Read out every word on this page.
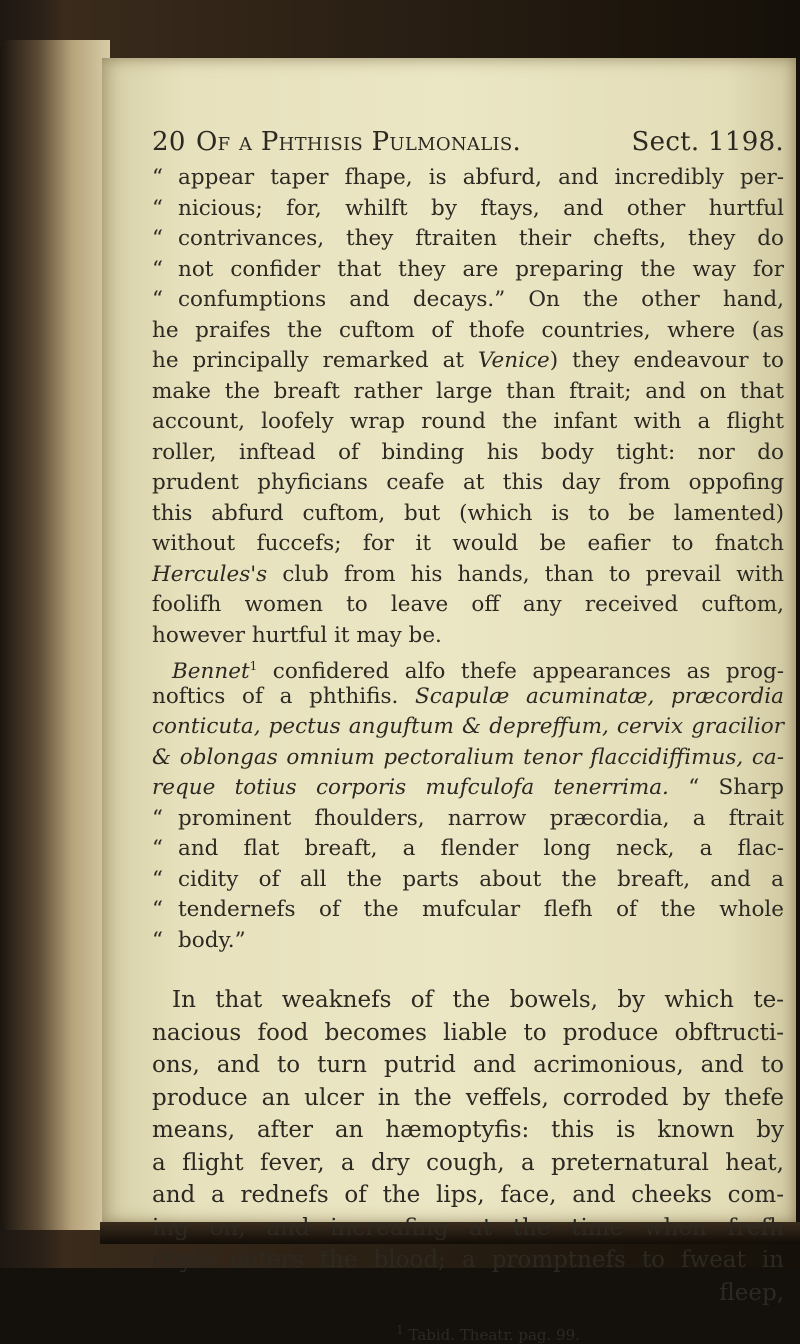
20 Of a Phthisis Pulmonalis.	Sect. 1198.
“ appear taper fhape, is abfurd, and incredibly per-
“ nicious; for, whilft by ftays, and other hurtful
“ contrivances, they ftraiten their chefts, they do
“ not confider that they are preparing the way for
“ confumptions and decays.” On the other hand,
he praifes the cuftom of thofe countries, where (as
he principally remarked at Venice) they endeavour to
make the breaft rather large than ftrait; and on that
account, loofely wrap round the infant with a flight
roller, inftead of binding his body tight: nor do
prudent phyficians ceafe at this day from oppofing
this abfurd cuftom, but (which is to be lamented)
without fuccefs; for it would be eafier to fnatch
Hercules's club from his hands, than to prevail with
foolifh women to leave off any received cuftom,
however hurtful it may be.
Bennet$^1$ confidered alfo thefe appearances as prog-
noftics of a phthifis. Scapulæ acuminatæ, præcordia
conticuta, pectus anguftum & depreffum, cervix gracilior
& oblongas omnium pectoralium tenor flaccidiffimus, ca-
reque totius corporis mufculofa tenerrima. “ Sharp
“ prominent fhoulders, narrow præcordia, a ftrait
“ and flat breaft, a flender long neck, a flac-
“ cidity of all the parts about the breaft, and a
“ tendernefs of the mufcular flefh of the whole
“ body.”
In that weaknefs of the bowels, by which te-
nacious food becomes liable to produce obftructi-
ons, and to turn putrid and acrimonious, and to
produce an ulcer in the veffels, corroded by thefe
means, after an hæmoptyfis: this is known by
a flight fever, a dry cough, a preternatural heat,
and a rednefs of the lips, face, and cheeks com-
ing on, and increafing at the time when frefh
chyle enters the blood; a promptnefs to fweat in
fleep,
$^1$ Tabid. Theatr. pag. 99.
